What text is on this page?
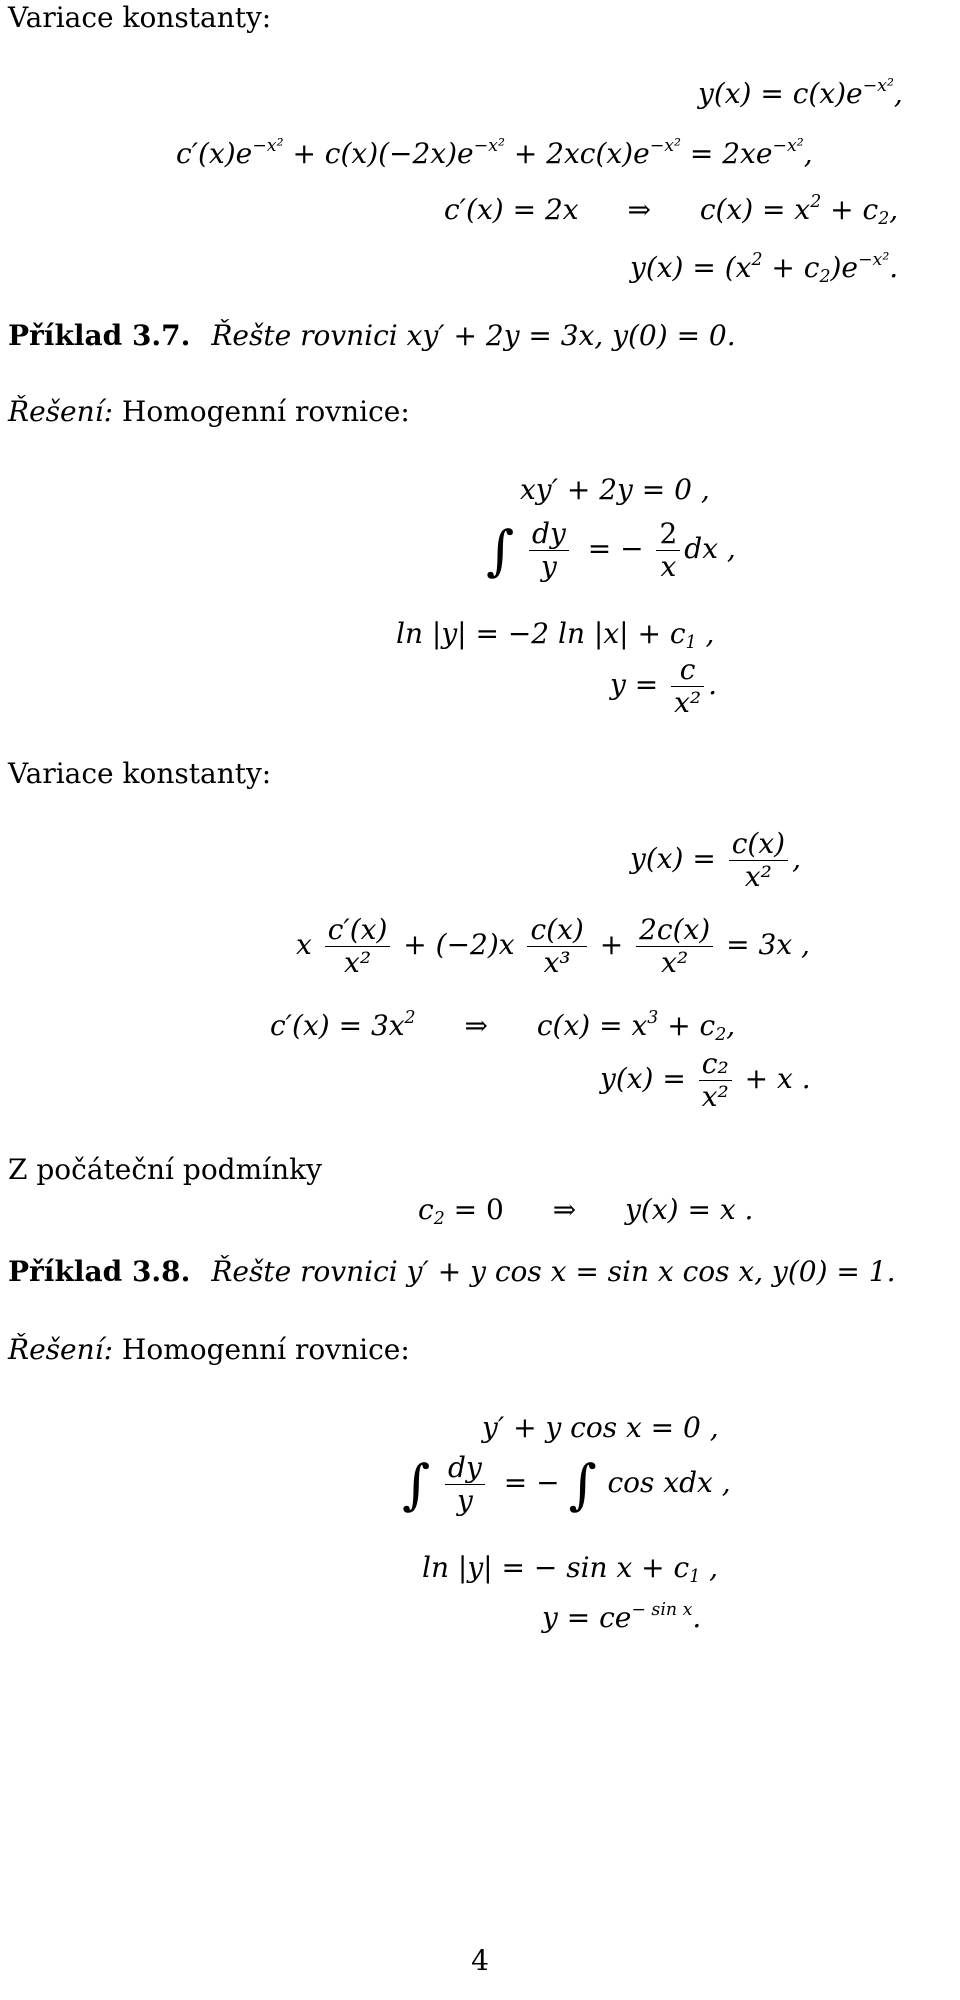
Variace konstanty:
$y(x) = c(x)e^{-x^2}$,
$c'(x)e^{-x^2} + c(x)(-2x)e^{-x^2} + 2xc(x)e^{-x^2} = 2xe^{-x^2}$,
c′(x) = 2x ⇒ $c(x) = x^2 + c_2$,
$y(x) = (x^2 + c_2)e^{-x^2}$.
Příklad 3.7. Řešte rovnici xy′ + 2y = 3x, y(0) = 0.
Řešení: Homogenní rovnice:
xy′ + 2y = 0 ,
∫ $\frac{dy}{y}$ = − $\frac{2}{x}$ dx ,
ln |y| = −2 $\ln |x| + c_1$ ,
$y = \frac{c}{\text{x²}}$ .
Variace konstanty:
$y(x) = \frac{c(x)}{\text{x²}}$ ,
x $\frac{c'(x)}{\text{x²}} + (-2)x \frac{c(x)}{\text{x³}} + \frac{2c(x)}{\text{x²}} = 3x$ ,
$c'(x) = 3x^2$ ⇒ $c(x) = x^3 + c_2$,
$y(x) = \frac{\text{c₂}}{\text{x²}} + x$ .
Z počáteční podmínky
$c_2 = 0$ ⇒ y(x) = x .
Příklad 3.8. Řešte rovnici y′ + y cos x = sin x cos x, y(0) = 1.
Řešení: Homogenní rovnice:
y′ + y cos x = 0 ,
∫ $\frac{dy}{y}$ = − ∫ cos xdx ,
ln |y| = − $\sin x + c_1$ ,
$y = ce^{- sin x}$.
4
